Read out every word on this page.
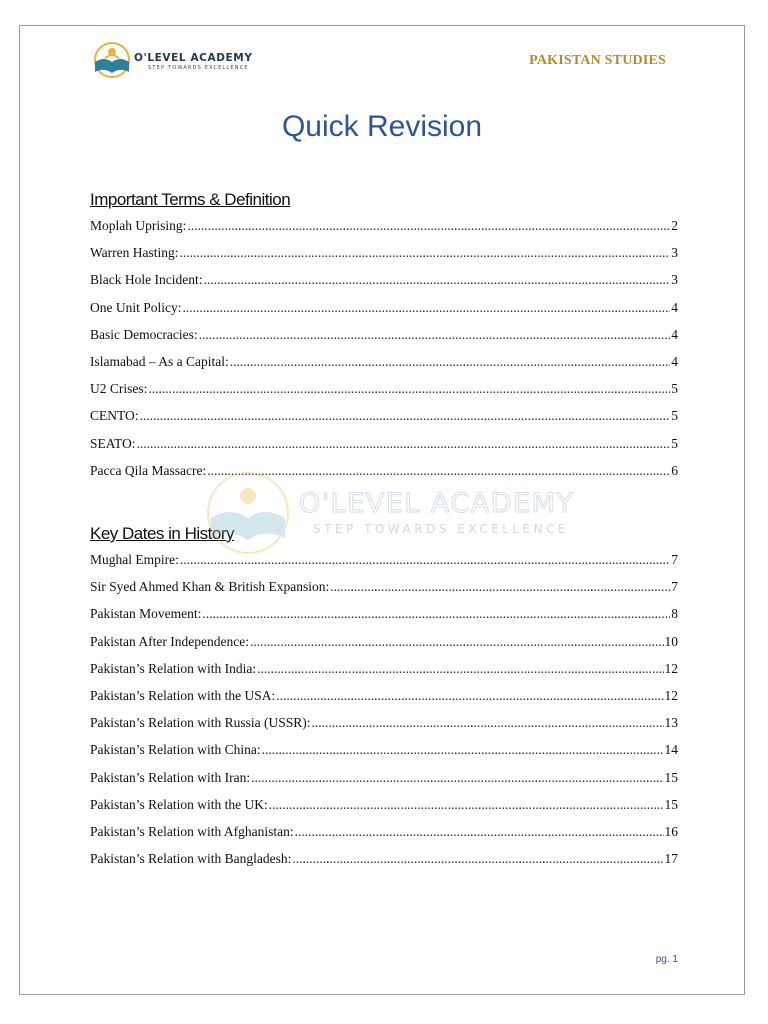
O'LEVEL ACADEMY
STEP TOWARDS EXCELLENCE	PAKISTAN STUDIES
Quick Revision
Important Terms & Definition
Moplah Uprising: .....	2
Warren Hasting: .....	3
Black Hole Incident: .....	3
One Unit Policy: .....	4
Basic Democracies: .....	4
Islamabad – As a Capital: .....	4
U2 Crises: .....	5
CENTO: .....	5
SEATO: .....	5
Pacca Qila Massacre: .....	6
Key Dates in History
Mughal Empire: .....	7
Sir Syed Ahmed Khan & British Expansion: .....	7
Pakistan Movement: .....	8
Pakistan After Independence: .....	10
Pakistan’s Relation with India: .....	12
Pakistan’s Relation with the USA: .....	12
Pakistan’s Relation with Russia (USSR): .....	13
Pakistan’s Relation with China: .....	14
Pakistan’s Relation with Iran: .....	15
Pakistan’s Relation with the UK: .....	15
Pakistan’s Relation with Afghanistan: .....	16
Pakistan’s Relation with Bangladesh: .....	17
O'LEVEL ACADEMY
STEP TOWARDS EXCELLENCE
pg. 1
